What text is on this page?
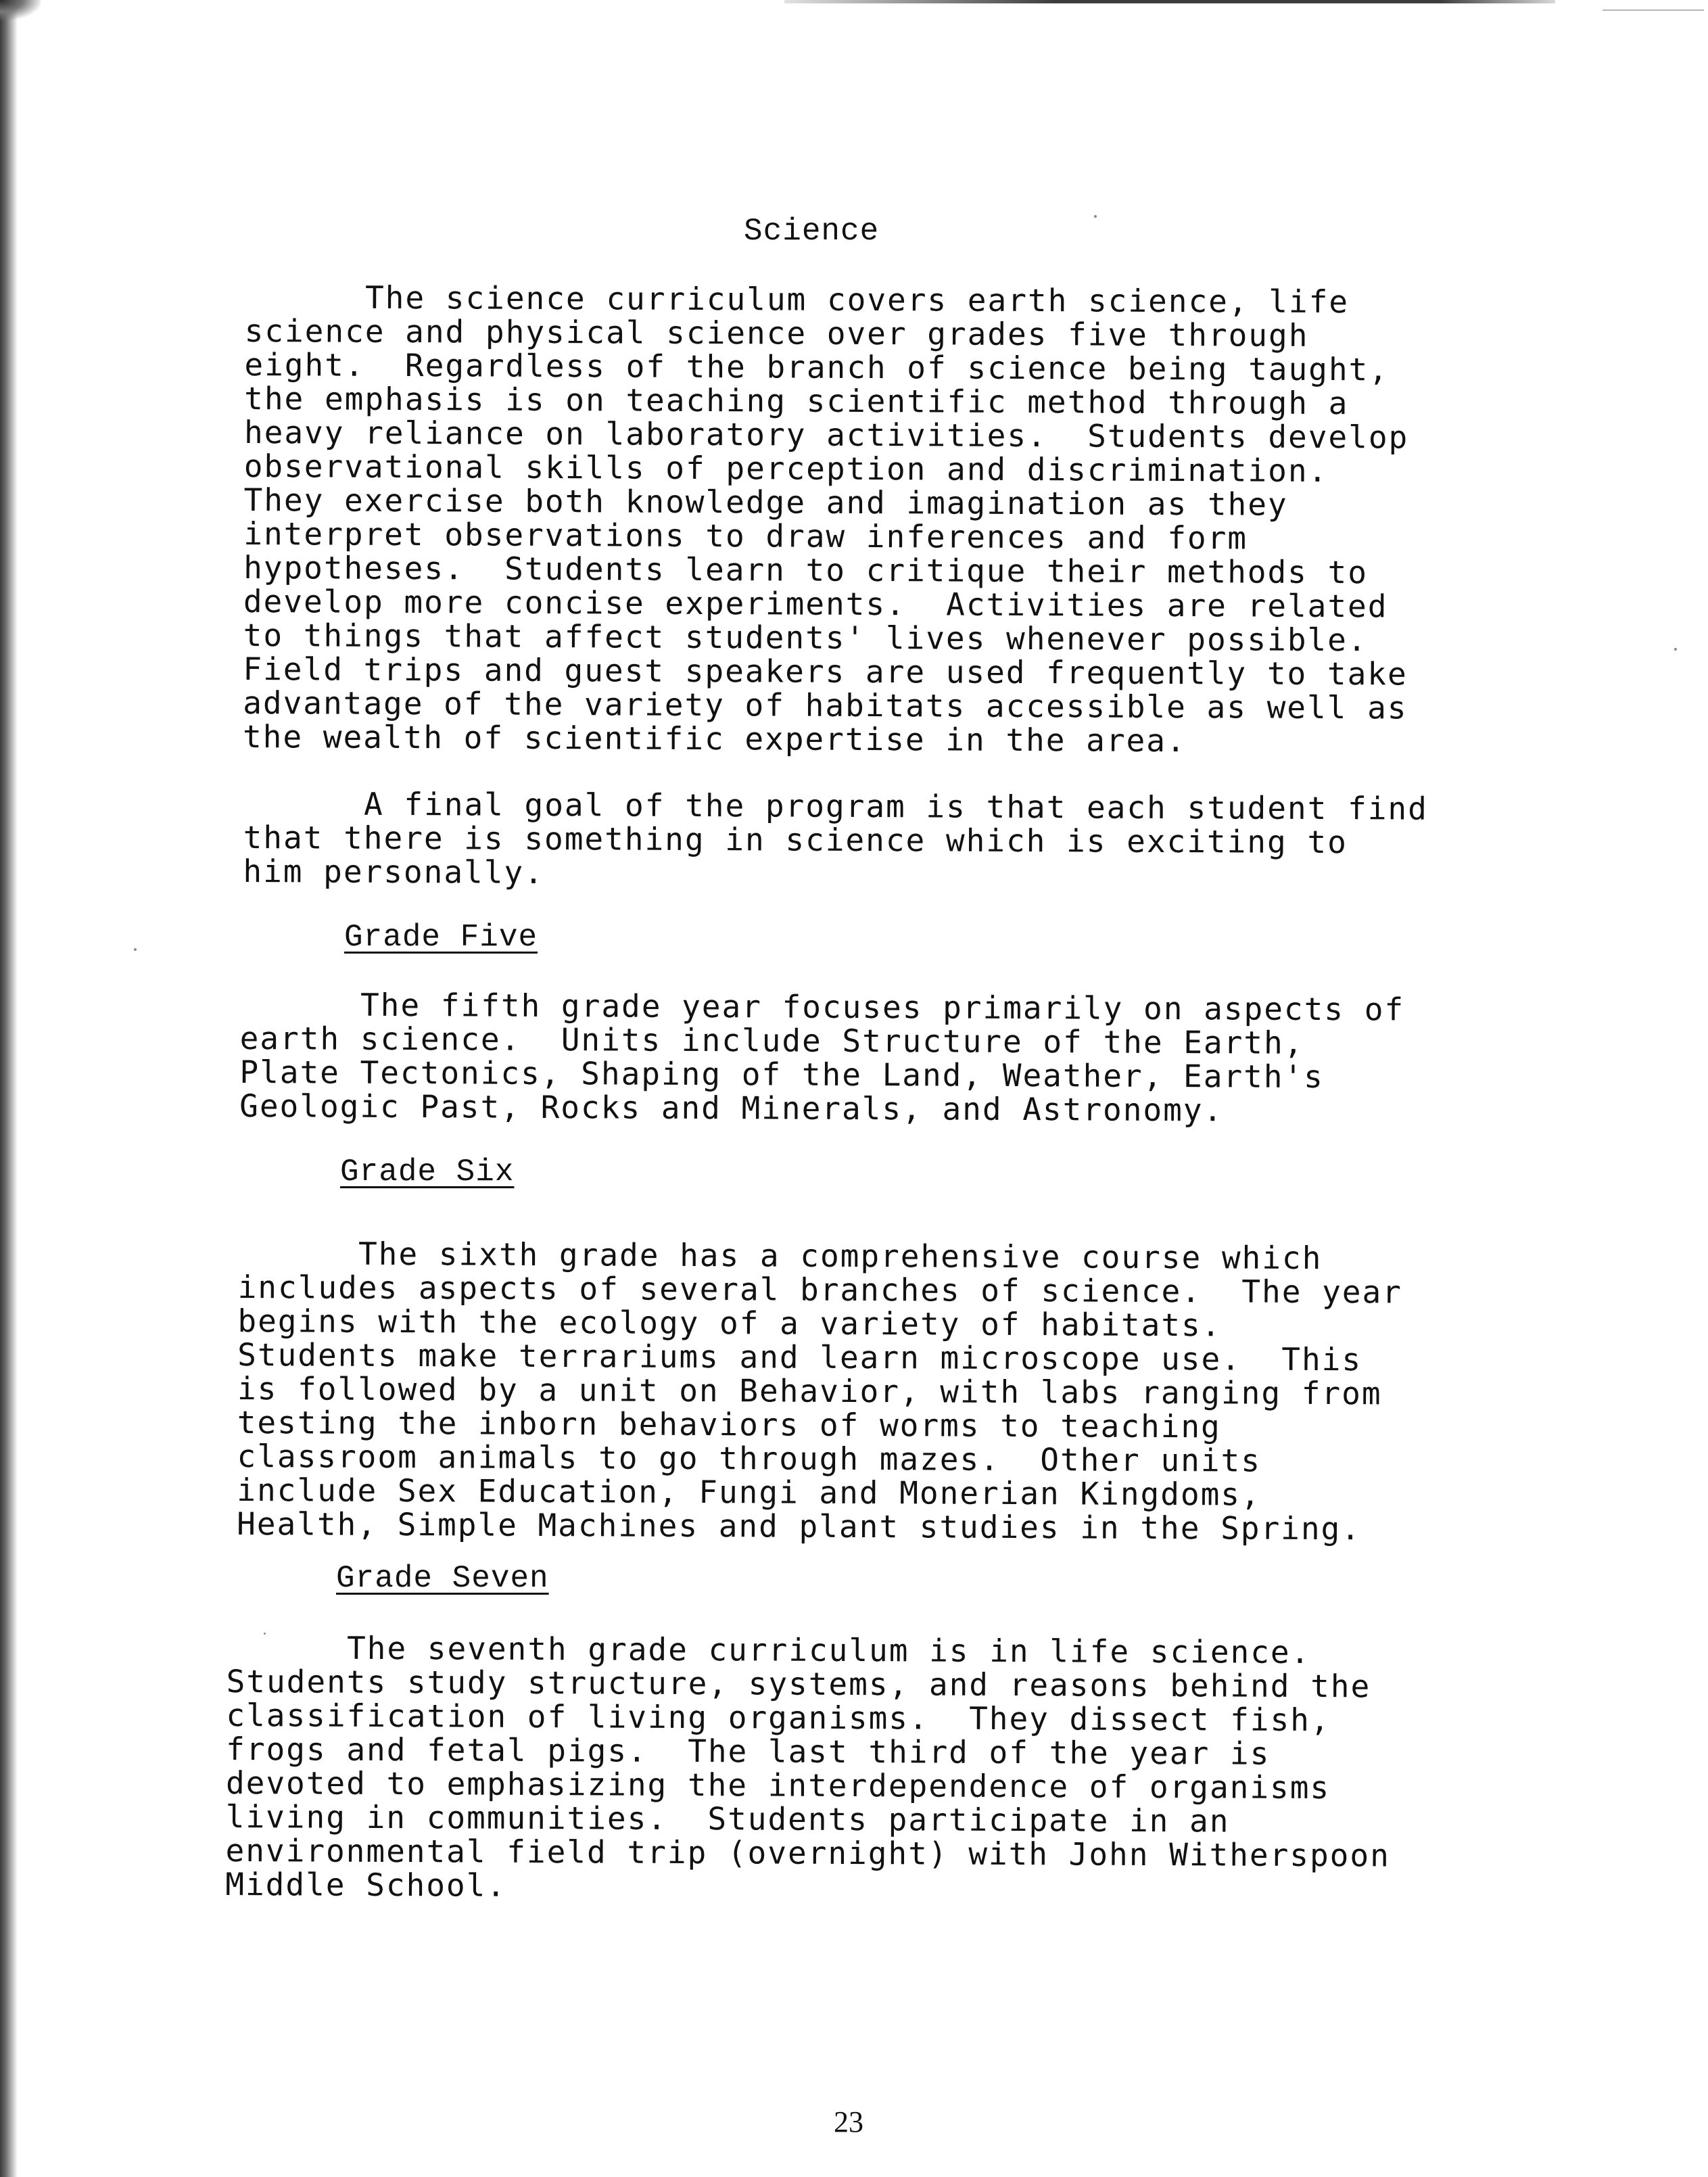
Science
The science curriculum covers earth science, life
science and physical science over grades five through
eight.  Regardless of the branch of science being taught,
the emphasis is on teaching scientific method through a
heavy reliance on laboratory activities.  Students develop
observational skills of perception and discrimination.
They exercise both knowledge and imagination as they
interpret observations to draw inferences and form
hypotheses.  Students learn to critique their methods to
develop more concise experiments.  Activities are related
to things that affect students' lives whenever possible.
Field trips and guest speakers are used frequently to take
advantage of the variety of habitats accessible as well as
the wealth of scientific expertise in the area.
A final goal of the program is that each student find
that there is something in science which is exciting to
him personally.
Grade Five
The fifth grade year focuses primarily on aspects of
earth science.  Units include Structure of the Earth,
Plate Tectonics, Shaping of the Land, Weather, Earth's
Geologic Past, Rocks and Minerals, and Astronomy.
Grade Six
The sixth grade has a comprehensive course which
includes aspects of several branches of science.  The year
begins with the ecology of a variety of habitats.
Students make terrariums and learn microscope use.  This
is followed by a unit on Behavior, with labs ranging from
testing the inborn behaviors of worms to teaching
classroom animals to go through mazes.  Other units
include Sex Education, Fungi and Monerian Kingdoms,
Health, Simple Machines and plant studies in the Spring.
Grade Seven
The seventh grade curriculum is in life science.
Students study structure, systems, and reasons behind the
classification of living organisms.  They dissect fish,
frogs and fetal pigs.  The last third of the year is
devoted to emphasizing the interdependence of organisms
living in communities.  Students participate in an
environmental field trip (overnight) with John Witherspoon
Middle School.
23
